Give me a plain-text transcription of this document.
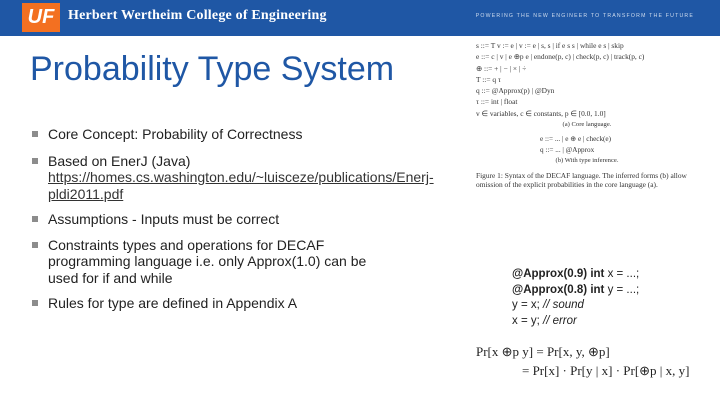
UF Herbert Wertheim College of Engineering	POWERING THE NEW ENGINEER TO TRANSFORM THE FUTURE
Probability Type System
Core Concept: Probability of Correctness
Based on EnerJ (Java)
https://homes.cs.washington.edu/~luisceze/publications/Enerj-pldi2011.pdf
Assumptions - Inputs must be correct
Constraints types and operations for DECAF programming language i.e. only Approx(1.0) can be used for if and while
Rules for type are defined in Appendix A
s ::= T v := e | v := e | s, s | if e s s | while e s | skip
e ::= c | v | e ⊕p e | endone(p, c) | check(p, c) | track(p, c)
⊕ ::= + | − | × | ÷
T ::= q τ
q ::= @Approx(p) | @Dyn
τ ::= int | float
v ∈ variables, c ∈ constants, p ∈ [0.0, 1.0]
(a) Core language.
e ::= ... | e ⊕ e | check(e)
q ::= ... | @Approx
(b) With type inference.
Figure 1: Syntax of the DECAF language. The inferred forms (b) allow omission of the explicit probabilities in the core language (a).
@Approx(0.9) int x = ...;
@Approx(0.8) int y = ...;
y = x; // sound
x = y; // error
Pr[x ⊕p y] = Pr[x, y, ⊕p]
= Pr[x] · Pr[y | x] · Pr[⊕p | x, y]
